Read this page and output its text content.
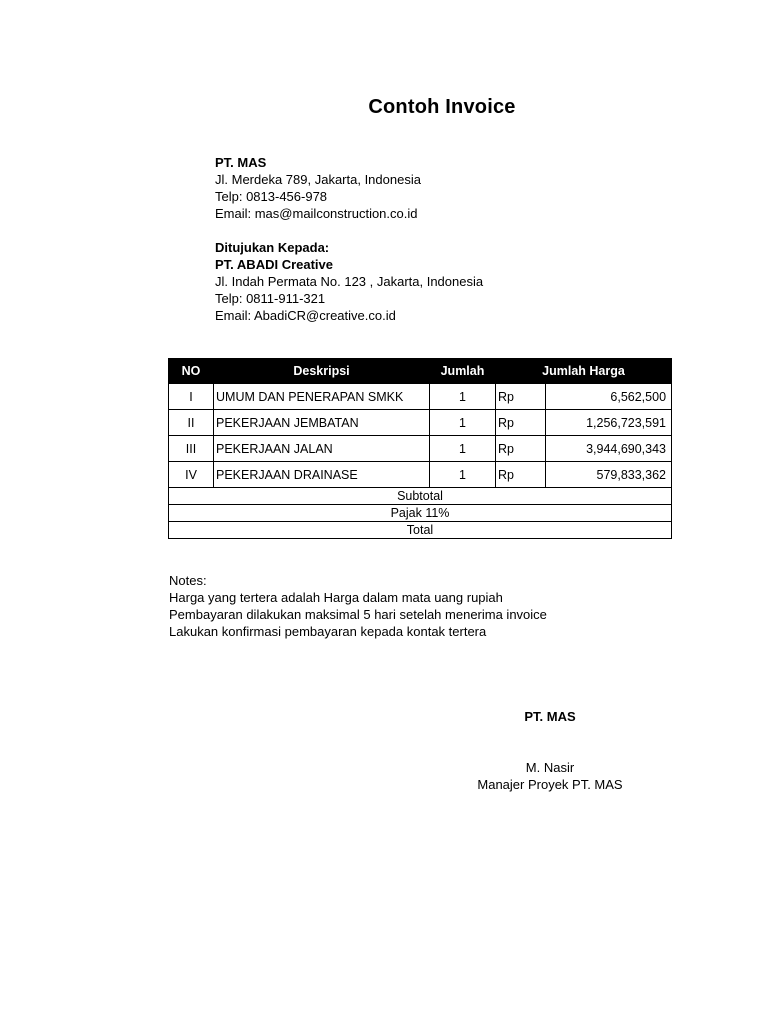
Contoh Invoice
PT. MAS
Jl. Merdeka 789, Jakarta, Indonesia
Telp: 0813-456-978
Email: mas@mailconstruction.co.id
Ditujukan Kepada:
PT. ABADI Creative
Jl. Indah Permata No. 123 , Jakarta, Indonesia
Telp: 0811-911-321
Email: AbadiCR@creative.co.id
NO	Deskripsi	Jumlah	Jumlah Harga	
I	UMUM DAN PENERAPAN SMKK	1	Rp	6,562,500
II	PEKERJAAN JEMBATAN	1	Rp	1,256,723,591
III	PEKERJAAN JALAN	1	Rp	3,944,690,343
IV	PEKERJAAN DRAINASE	1	Rp	579,833,362
Subtotal				
Pajak 11%				
Total				
Notes:
Harga yang tertera adalah Harga dalam mata uang rupiah
Pembayaran dilakukan maksimal 5 hari setelah menerima invoice
Lakukan konfirmasi pembayaran kepada kontak tertera
PT. MAS
M. Nasir
Manajer Proyek PT. MAS
